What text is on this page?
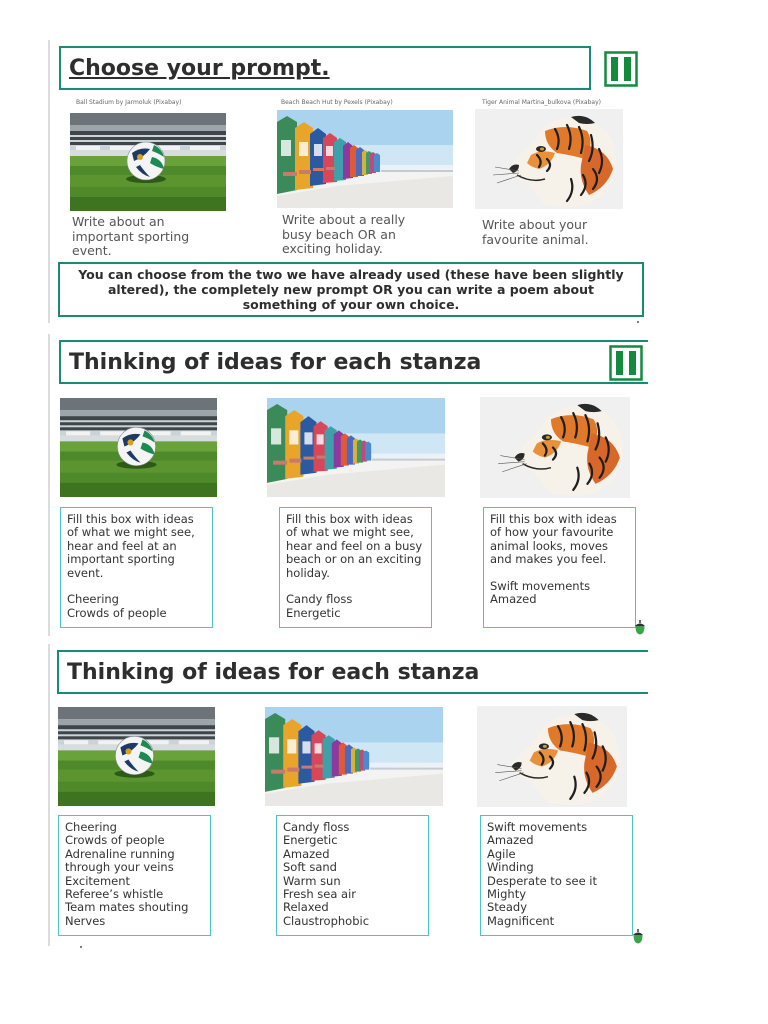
Choose your prompt.
Ball Stadium by Jarmoluk (Pixabay)	Beach Beach Hut by Pexels (Pixabay)	Tiger Animal Martina_bulkova (Pixabay)
Write about an important sporting event.
Write about a really busy beach OR an exciting holiday.
Write about your favourite animal.
You can choose from the two we have already used (these have been slightly altered), the completely new prompt OR you can write a poem about something of your own choice.
Thinking of ideas for each stanza
Fill this box with ideas of what we might see, hear and feel at an important sporting event.
Cheering
Crowds of people
Fill this box with ideas of what we might see, hear and feel on a busy beach or on an exciting holiday.
Candy floss
Energetic
Fill this box with ideas of how your favourite animal looks, moves and makes you feel.
Swift movements
Amazed
Thinking of ideas for each stanza
Cheering
Crowds of people
Adrenaline running
through your veins
Excitement
Referee’s whistle
Team mates shouting
Nerves
Candy floss
Energetic
Amazed
Soft sand
Warm sun
Fresh sea air
Relaxed
Claustrophobic
Swift movements
Amazed
Agile
Winding
Desperate to see it
Mighty
Steady
Magnificent
